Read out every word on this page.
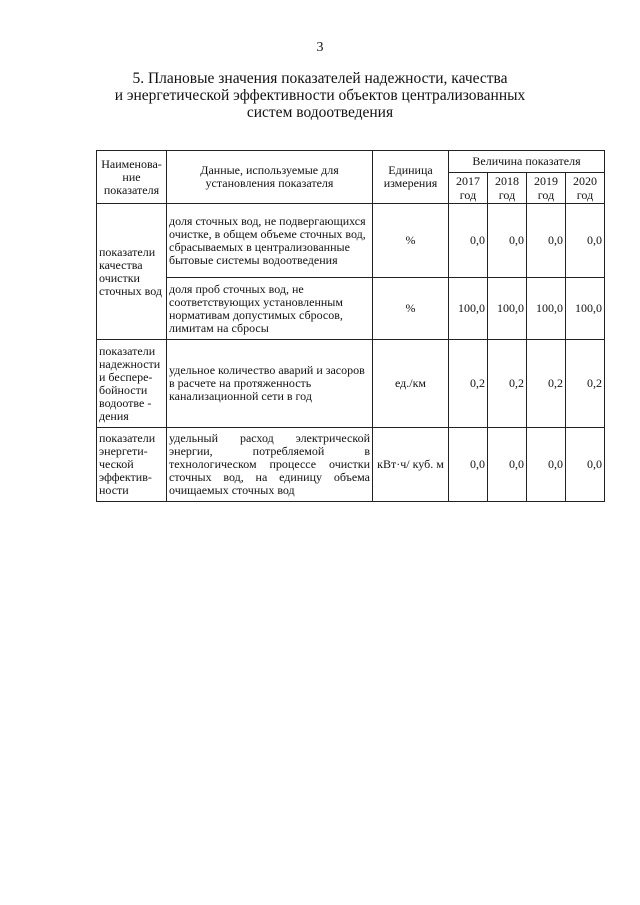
3
5. Плановые значения показателей надежности, качества
и энергетической эффективности объектов централизованных
систем водоотведения
Наименова-ние показателя	Данные, используемые для установления показателя	Единица измерения	Величина показателя			
			2017 год	2018 год	2019 год	2020 год
показатели качества очистки сточных вод	доля сточных вод, не подвергающихся очистке, в общем объеме сточных вод, сбрасываемых в централизованные бытовые системы водоотведения	%	0,0	0,0	0,0	0,0
	доля проб сточных вод, не соответствующих установленным нормативам допустимых сбросов, лимитам на сбросы	%	100,0	100,0	100,0	100,0
показатели надежности и беспере-бойности водоотве - дения	удельное количество аварий и засоров в расчете на протяженность канализационной сети в год	ед./км	0,2	0,2	0,2	0,2
показатели энергети-ческой эффектив-ности	удельный расход электрической энергии, потребляемой в технологическом процессе очистки сточных вод, на единицу объема очищаемых сточных вод	кВт·ч/ куб. м	0,0	0,0	0,0	0,0
